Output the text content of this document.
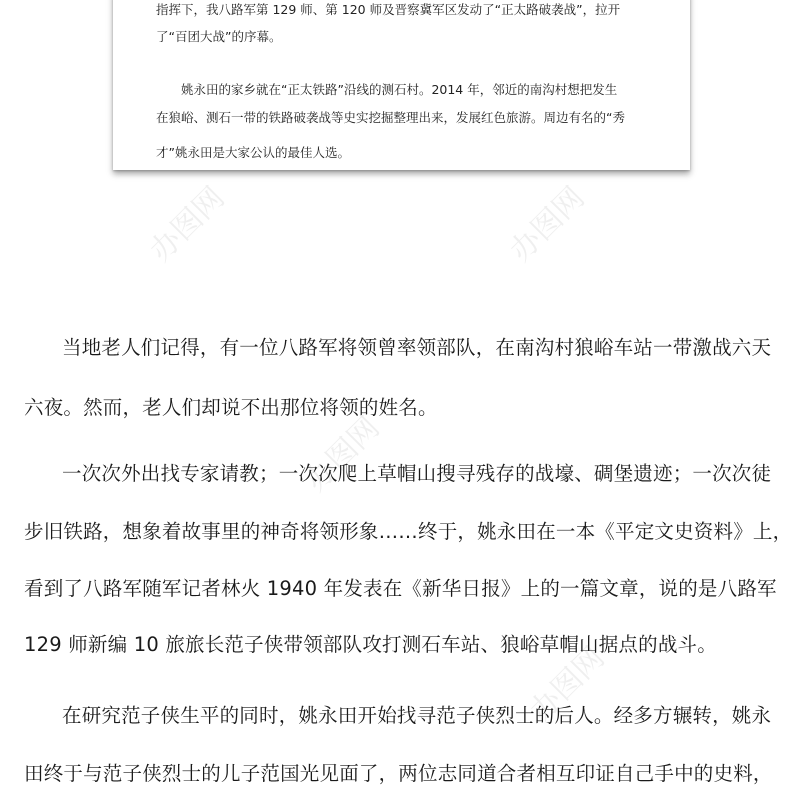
指挥下，我八路军第 129 师、第 120 师及晋察冀军区发动了“正太路破袭战”，拉开
了“百团大战”的序幕。
姚永田的家乡就在“正太铁路”沿线的测石村。2014 年，邻近的南沟村想把发生
在狼峪、测石一带的铁路破袭战等史实挖掘整理出来，发展红色旅游。周边有名的“秀
才”姚永田是大家公认的最佳人选。
办图网	办图网
办图网
办图网
当地老人们记得，有一位八路军将领曾率领部队，在南沟村狼峪车站一带激战六天
六夜。然而，老人们却说不出那位将领的姓名。
一次次外出找专家请教；一次次爬上草帽山搜寻残存的战壕、碉堡遗迹；一次次徒
步旧铁路，想象着故事里的神奇将领形象……终于，姚永田在一本《平定文史资料》上，
看到了八路军随军记者林火 1940 年发表在《新华日报》上的一篇文章，说的是八路军
129 师新编 10 旅旅长范子侠带领部队攻打测石车站、狼峪草帽山据点的战斗。
在研究范子侠生平的同时，姚永田开始找寻范子侠烈士的后人。经多方辗转，姚永
田终于与范子侠烈士的儿子范国光见面了，两位志同道合者相互印证自己手中的史料，
